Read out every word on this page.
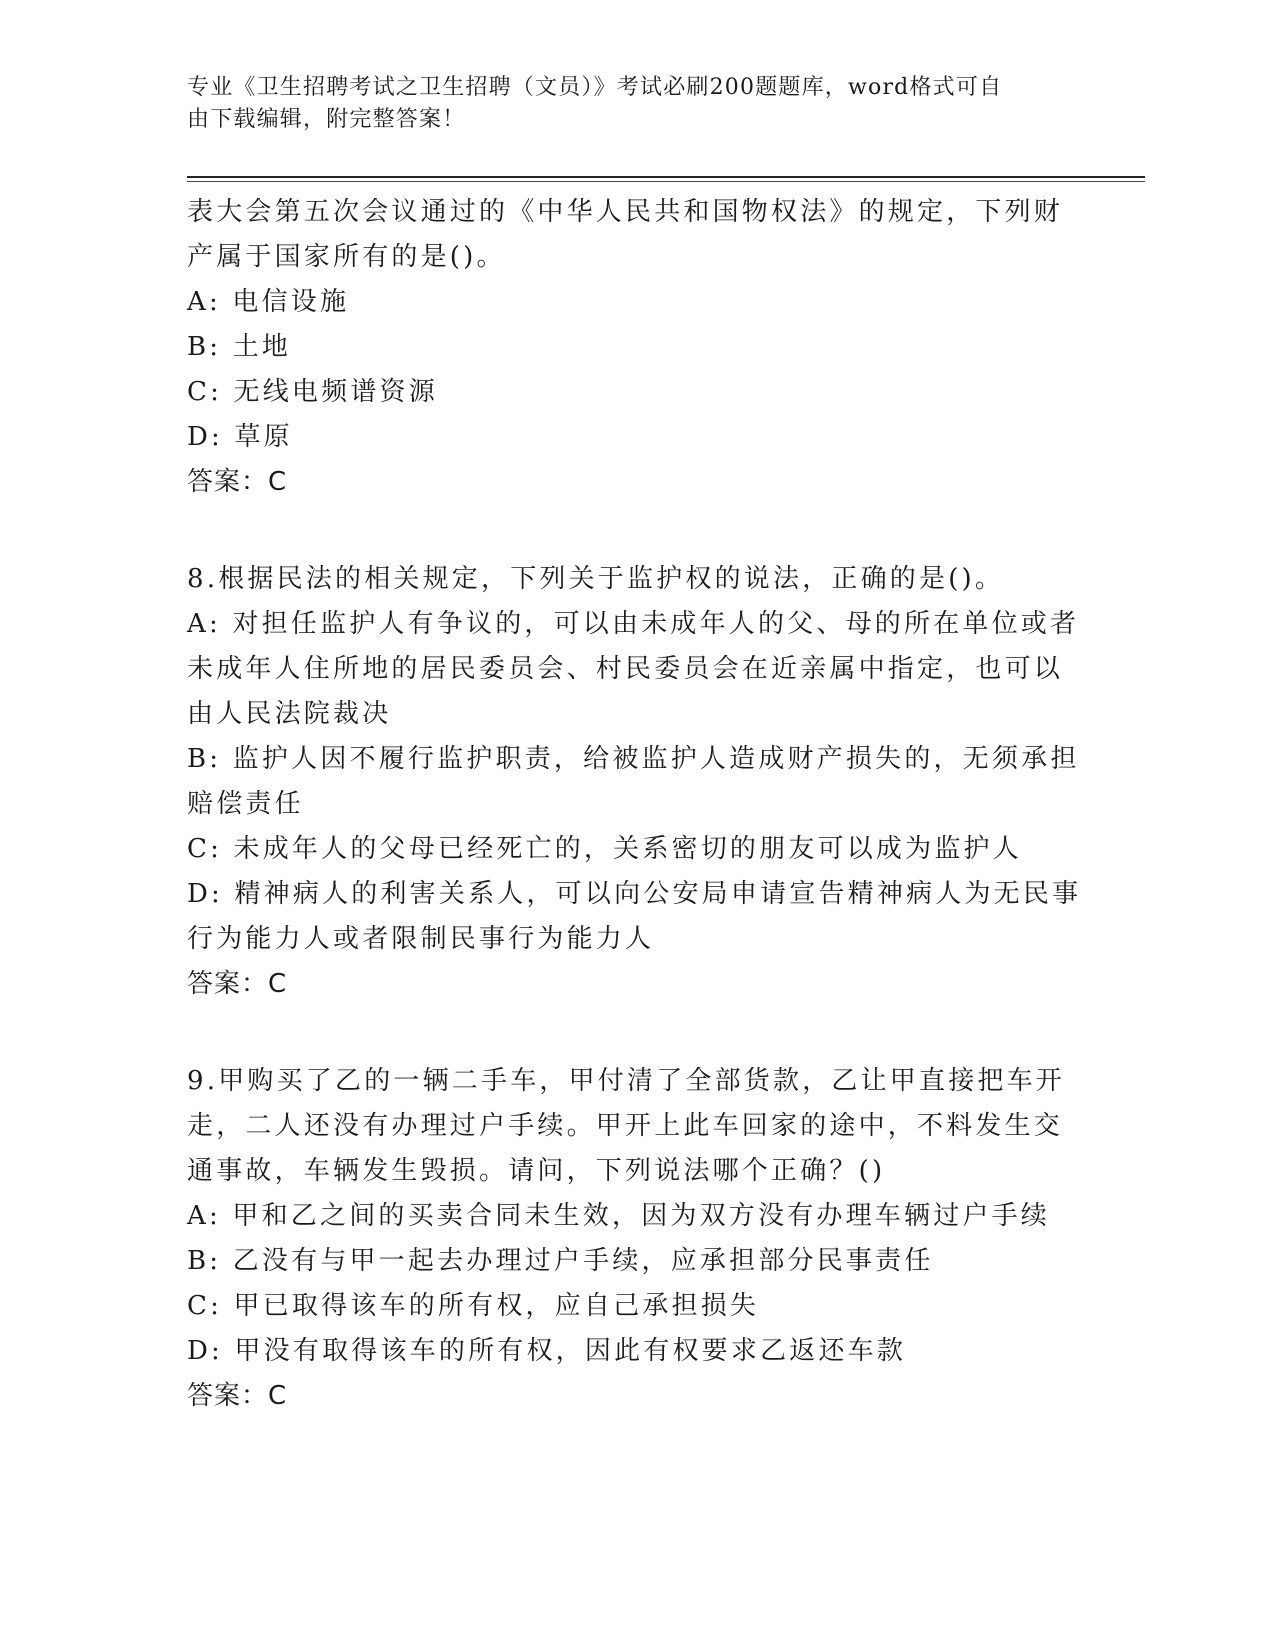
专业《卫生招聘考试之卫生招聘（文员）》考试必刷200题题库，word格式可自
由下载编辑，附完整答案！
表大会第五次会议通过的《中华人民共和国物权法》的规定，下列财
产属于国家所有的是()。
A: 电信设施
B: 土地
C: 无线电频谱资源
D: 草原
答案：C
8.根据民法的相关规定，下列关于监护权的说法，正确的是()。
A: 对担任监护人有争议的，可以由未成年人的父、母的所在单位或者
未成年人住所地的居民委员会、村民委员会在近亲属中指定，也可以
由人民法院裁决
B: 监护人因不履行监护职责，给被监护人造成财产损失的，无须承担
赔偿责任
C: 未成年人的父母已经死亡的，关系密切的朋友可以成为监护人
D: 精神病人的利害关系人，可以向公安局申请宣告精神病人为无民事
行为能力人或者限制民事行为能力人
答案：C
9.甲购买了乙的一辆二手车，甲付清了全部货款，乙让甲直接把车开
走，二人还没有办理过户手续。甲开上此车回家的途中，不料发生交
通事故，车辆发生毁损。请问，下列说法哪个正确？()
A: 甲和乙之间的买卖合同未生效，因为双方没有办理车辆过户手续
B: 乙没有与甲一起去办理过户手续，应承担部分民事责任
C: 甲已取得该车的所有权，应自己承担损失
D: 甲没有取得该车的所有权，因此有权要求乙返还车款
答案：C
